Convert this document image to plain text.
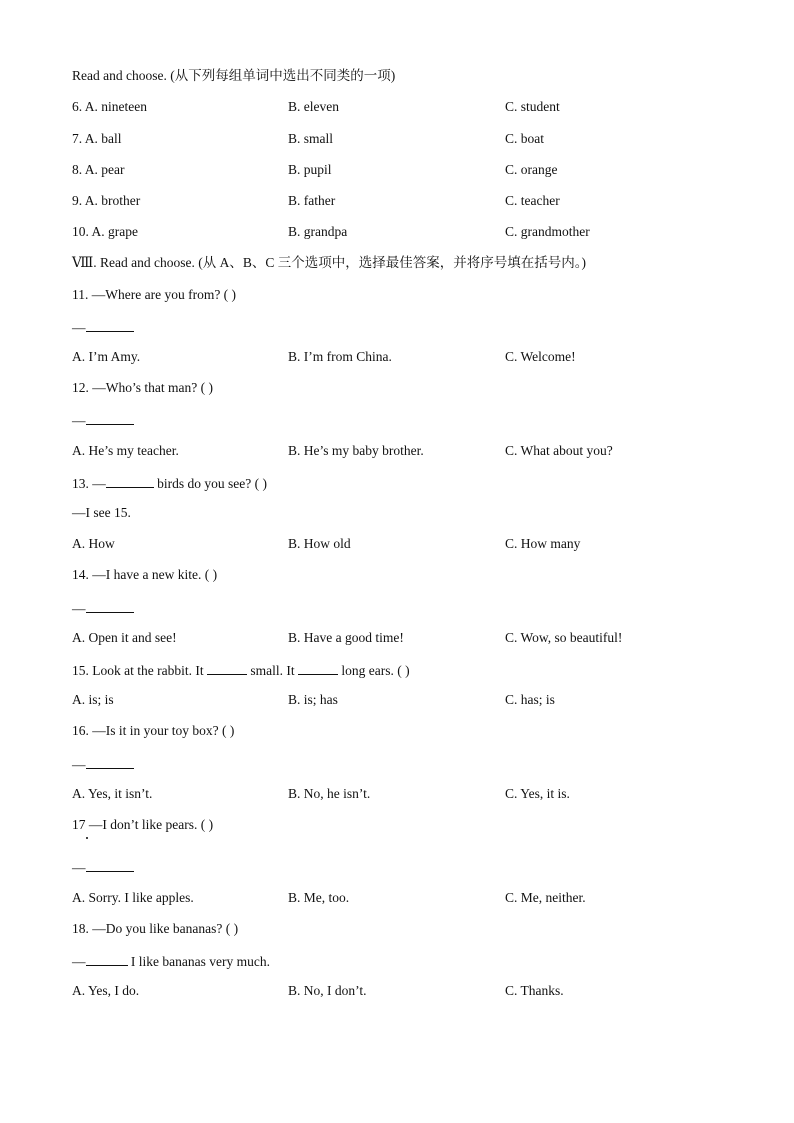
Read and choose. (从下列每组单词中选出不同类的一项)
6. A. nineteen	B. eleven	C. student
7. A. ball	B. small	C. boat
8. A. pear	B. pupil	C. orange
9. A. brother	B. father	C. teacher
10. A. grape	B. grandpa	C. grandmother
Ⅷ. Read and choose. (从 A、B、C 三个选项中，选择最佳答案，并将序号填在括号内。)
11. —Where are you from? ( )
—
A. I’m Amy.	B. I’m from China.	C. Welcome!
12. —Who’s that man? ( )
—
A. He’s my teacher.	B. He’s my baby brother.	C. What about you?
13. —	birds do you see? ( )
—I see 15.
A. How	B. How old	C. How many
14. —I have a new kite. ( )
—
A. Open it and see!	B. Have a good time!	C. Wow, so beautiful!
15. Look at the rabbit. It	small. It	long ears. ( )
A. is; is	B. is; has	C. has; is
16. —Is it in your toy box? ( )
—
A. Yes, it isn’t.	B. No, he isn’t.	C. Yes, it is.
17 —I don’t like pears. ( )
—
A. Sorry. I like apples.	B. Me, too.	C. Me, neither.
18. —Do you like bananas? ( )
—	I like bananas very much.
A. Yes, I do.	B. No, I don’t.	C. Thanks.
